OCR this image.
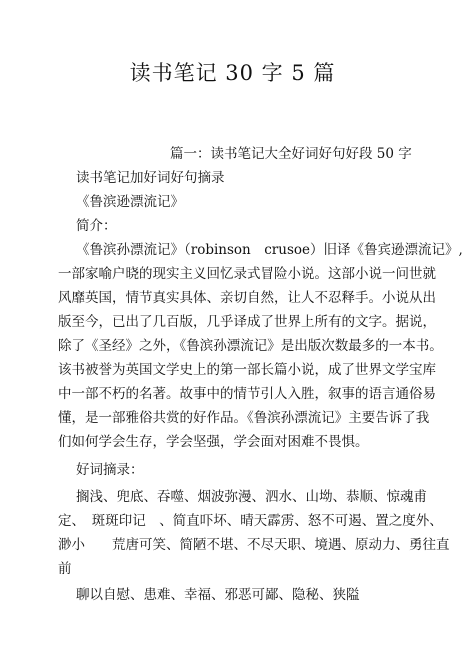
读书笔记 30 字 5 篇
篇一：读书笔记大全好词好句好段 50 字
读书笔记加好词好句摘录
《鲁滨逊漂流记》
简介：
《鲁滨孙漂流记》（robinson　crusoe）旧译《鲁宾逊漂流记》,
一部家喻户晓的现实主义回忆录式冒险小说。这部小说一问世就
风靡英国，情节真实具体、亲切自然，让人不忍释手。小说从出
版至今，已出了几百版，几乎译成了世界上所有的文字。据说，
除了《圣经》之外，《鲁滨孙漂流记》是出版次数最多的一本书。
该书被誉为英国文学史上的第一部长篇小说，成了世界文学宝库
中一部不朽的名著。故事中的情节引人入胜，叙事的语言通俗易
懂，是一部雅俗共赏的好作品。《鲁滨孙漂流记》主要告诉了我
们如何学会生存，学会坚强，学会面对困难不畏惧。
好词摘录：
搁浅、兜底、吞噬、烟波弥漫、泗水、山坳、恭顺、惊魂甫
定、　斑斑印记　、简直吓坏、晴天霹雳、怒不可遏、置之度外、
渺小　　荒唐可笑、简陋不堪、不尽天职、境遇、原动力、勇往直
前
聊以自慰、患难、幸福、邪恶可鄙、隐秘、狭隘
